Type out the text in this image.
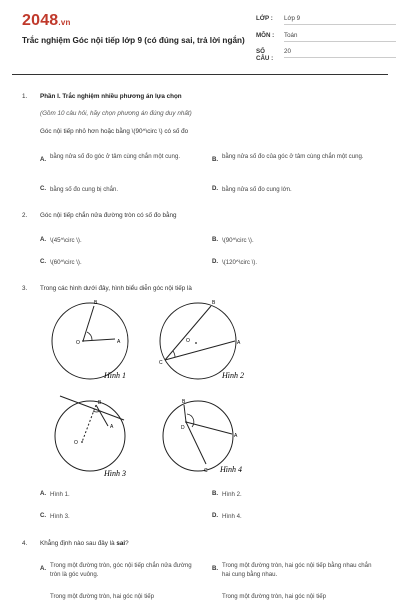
2048.vn
Trắc nghiệm Góc nội tiếp lớp 9 (có đúng sai, trả lời ngắn)
LỚP :	Lớp 9
MÔN :	Toán
SỐ CÂU :
20
1.	Phần I. Trắc nghiệm nhiều phương án lựa chọn
(Gồm 10 câu hỏi, hãy chọn phương án đúng duy nhất)
Góc nội tiếp nhỏ hơn hoặc bằng \(90^\circ \) có số đo
A. bằng nửa số đo góc ở tâm cùng chắn một cung.	B. bằng nửa số đo của góc ở tâm cùng chắn một cung.
C. bằng số đo cung bị chắn.	D. bằng nửa số đo cung lớn.
2.	Góc nội tiếp chắn nửa đường tròn có số đo bằng
A. \(45^\circ \).	B. \(90^\circ \).
C. \(60^\circ \).	D. \(120^\circ \).
3.	Trong các hình dưới đây, hình biểu diễn góc nội tiếp là
O
B
A
Hình 1
O
B
A
C
Hình 2
O
B
A
Hình 3
B
D
A
C Hình 4
A. Hình 1.	B. Hình 2.
C. Hình 3.	D. Hình 4.
4.	Khẳng định nào sau đây là sai?
A. Trong một đường tròn, góc nội tiếp chắn nửa đường tròn là góc vuông.
B. Trong một đường tròn, hai góc nội tiếp bằng nhau chắn hai cung bằng nhau.
Trong một đường tròn, hai góc nội tiếp	Trong một đường tròn, hai góc nội tiếp
